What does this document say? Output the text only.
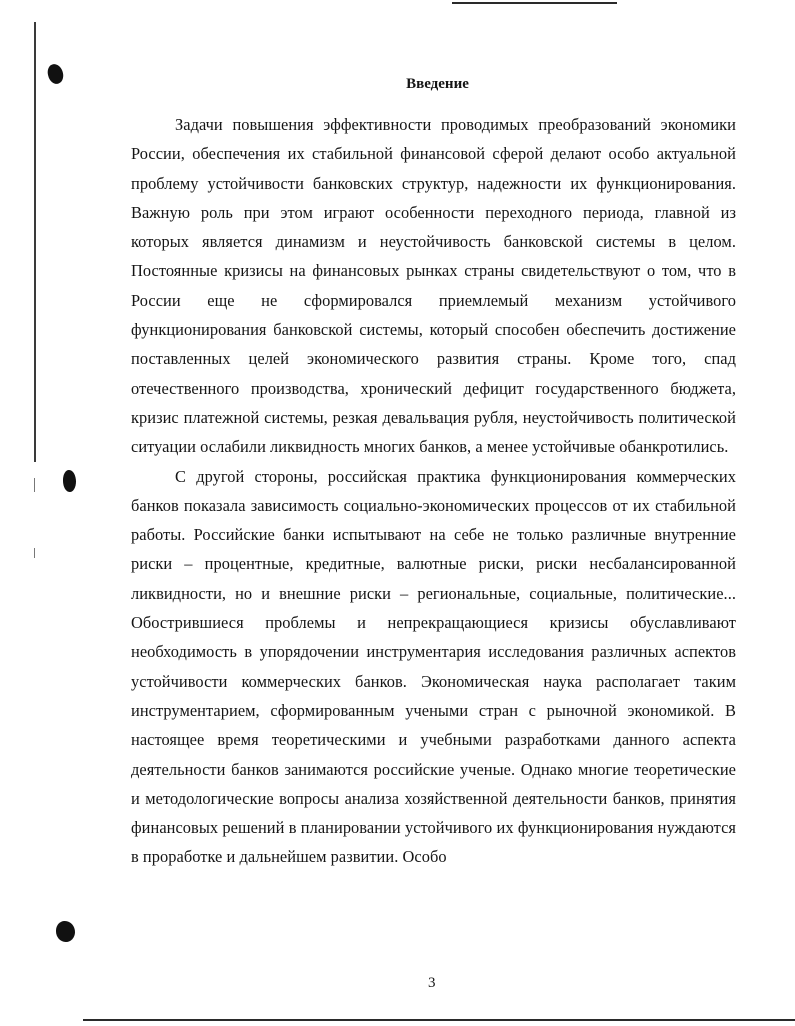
Введение

Задачи повышения эффективности проводимых преобразований экономики России, обеспечения их стабильной финансовой сферой делают особо актуальной проблему устойчивости банковских структур, надежности их функционирования. Важную роль при этом играют особенности переходного периода, главной из которых является динамизм и неустойчивость банковской системы в целом. Постоянные кризисы на финансовых рынках страны свидетельствуют о том, что в России еще не сформировался приемлемый механизм устойчивого функционирования банковской системы, который способен обеспечить достижение поставленных целей экономического развития страны. Кроме того, спад отечественного производства, хронический дефицит государственного бюджета, кризис платежной системы, резкая девальвация рубля, неустойчивость политической ситуации ослабили ликвидность многих банков, а менее устойчивые обанкротились.

С другой стороны, российская практика функционирования коммерческих банков показала зависимость социально-экономических процессов от их стабильной работы. Российские банки испытывают на себе не только различные внутренние риски – процентные, кредитные, валютные риски, риски несбалансированной ликвидности, но и внешние риски – региональные, социальные, политические... Обострившиеся проблемы и непрекращающиеся кризисы обуславливают необходимость в упорядочении инструментария исследования различных аспектов устойчивости коммерческих банков. Экономическая наука располагает таким инструментарием, сформированным учеными стран с рыночной экономикой. В настоящее время теоретическими и учебными разработками данного аспекта деятельности банков занимаются российские ученые. Однако многие теоретические и методологические вопросы анализа хозяйственной деятельности банков, принятия финансовых решений в планировании устойчивого их функционирования нуждаются в проработке и дальнейшем развитии. Особо

3
